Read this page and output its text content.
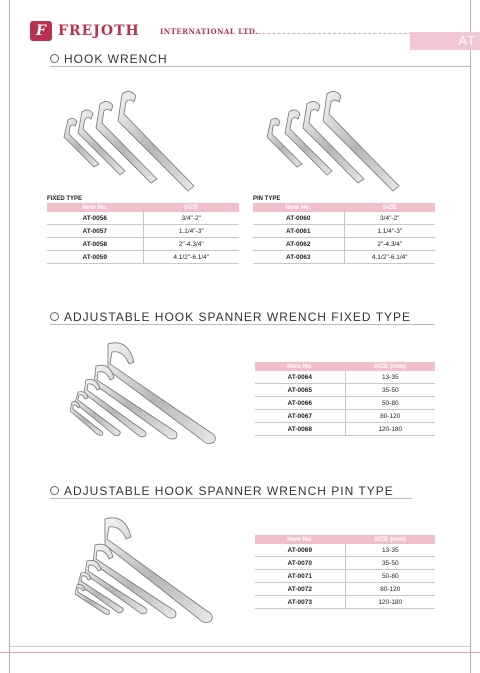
F FREJOTH	INTERNATIONAL LTD.
AT
HOOK WRENCH
FIXED TYPE
Item No.	SIZE
AT-0056	3/4"-2"
AT-0057	1.1/4"-3"
AT-0058	2"-4.3/4"
AT-0059	4.1/2"-6.1/4"
PIN TYPE
Item No.	SIZE
AT-0060	3/4"-2"
AT-0061	1.1/4"-3"
AT-0062	2"-4.3/4"
AT-0063	4.1/2"-6.1/4"
ADJUSTABLE HOOK SPANNER WRENCH FIXED TYPE
Item No.	SIZE (mm)
AT-0064	13-35
AT-0065	35-50
AT-0066	50-80
AT-0067	80-120
AT-0068	120-180
ADJUSTABLE HOOK SPANNER WRENCH PIN TYPE
Item No.	SIZE (mm)
AT-0069	13-35
AT-0070	35-50
AT-0071	50-80
AT-0072	80-120
AT-0073	120-180
